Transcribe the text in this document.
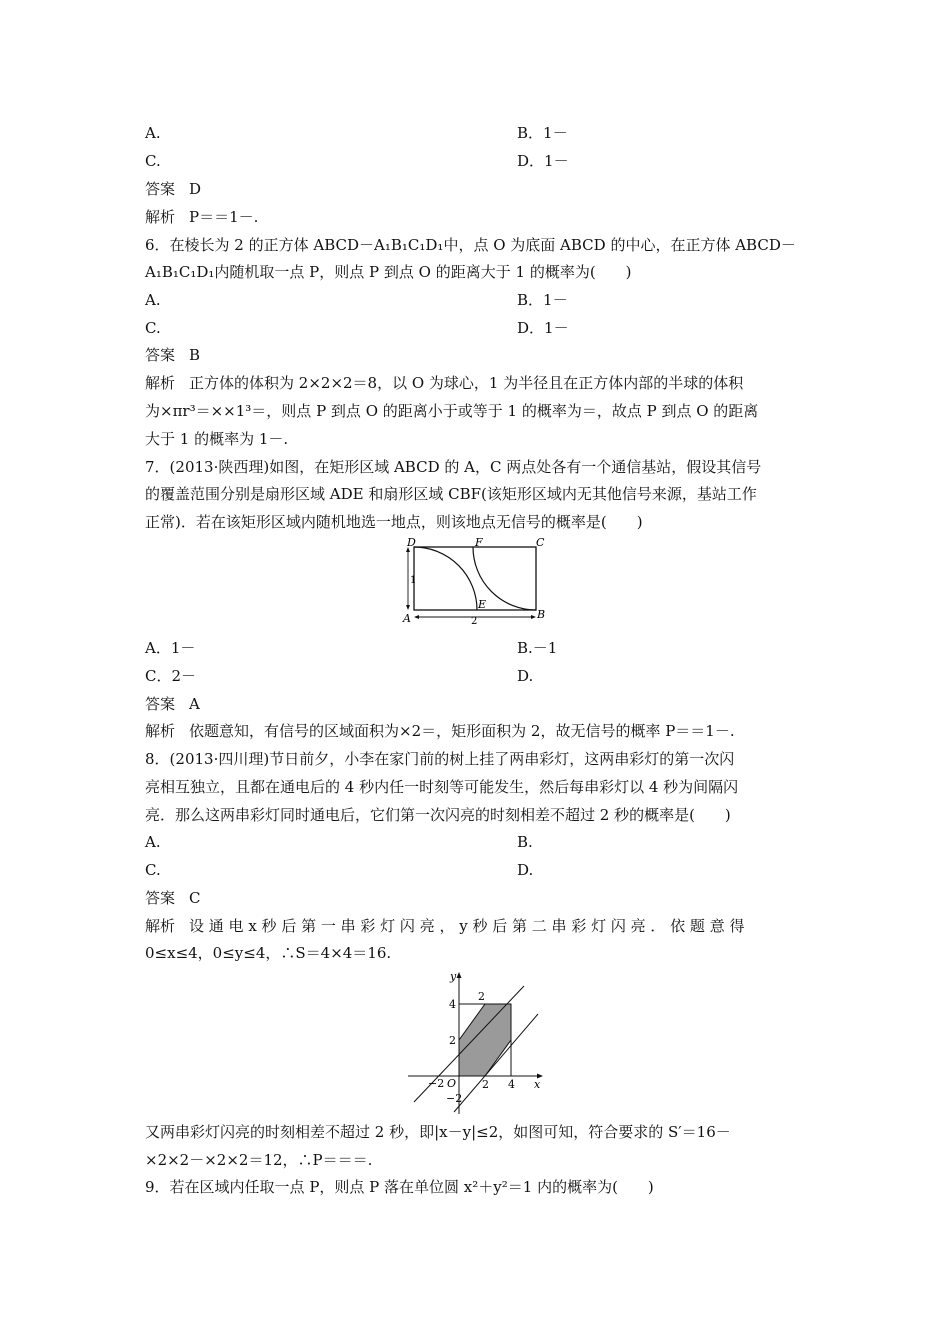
A.	B．1－
C.	D．1－
答案 D
解析 P＝＝1－.
6．在棱长为 2 的正方体 ABCD－A₁B₁C₁D₁中，点 O 为底面 ABCD 的中心，在正方体 ABCD－
A₁B₁C₁D₁内随机取一点 P，则点 P 到点 O 的距离大于 1 的概率为(　　)
A.	B．1－
C.	D．1－
答案 B
解析 正方体的体积为 2×2×2＝8，以 O 为球心，1 为半径且在正方体内部的半球的体积
为×πr³＝××1³＝，则点 P 到点 O 的距离小于或等于 1 的概率为＝，故点 P 到点 O 的距离
大于 1 的概率为 1－.
7．(2013·陕西理)如图，在矩形区域 ABCD 的 A，C 两点处各有一个通信基站，假设其信号
的覆盖范围分别是扇形区域 ADE 和扇形区域 CBF(该矩形区域内无其他信号来源，基站工作
正常)．若在该矩形区域内随机地选一地点，则该地点无信号的概率是(　　)
D	F	C
A
E
B
1
2
A．1－	B.－1
C．2－	D.
答案 A
解析 依题意知，有信号的区域面积为×2＝，矩形面积为 2，故无信号的概率 P＝＝1－.
8．(2013·四川理)节日前夕，小李在家门前的树上挂了两串彩灯，这两串彩灯的第一次闪
亮相互独立，且都在通电后的 4 秒内任一时刻等可能发生，然后每串彩灯以 4 秒为间隔闪
亮．那么这两串彩灯同时通电后，它们第一次闪亮的时刻相差不超过 2 秒的概率是(　　)
A.	B.
C.	D.
答案 C
解析 设 通 电 x 秒 后 第 一 串 彩 灯 闪 亮 ， y 秒 后 第 二 串 彩 灯 闪 亮 ． 依 题 意 得
0≤x≤4，0≤y≤4，∴S＝4×4＝16.
y
x
O
4
2
2
−2	2 4
−2
又两串彩灯闪亮的时刻相差不超过 2 秒，即|x－y|≤2，如图可知，符合要求的 S′＝16－
×2×2－×2×2＝12，∴P＝＝＝.
9．若在区域内任取一点 P，则点 P 落在单位圆 x²＋y²＝1 内的概率为(　　)
